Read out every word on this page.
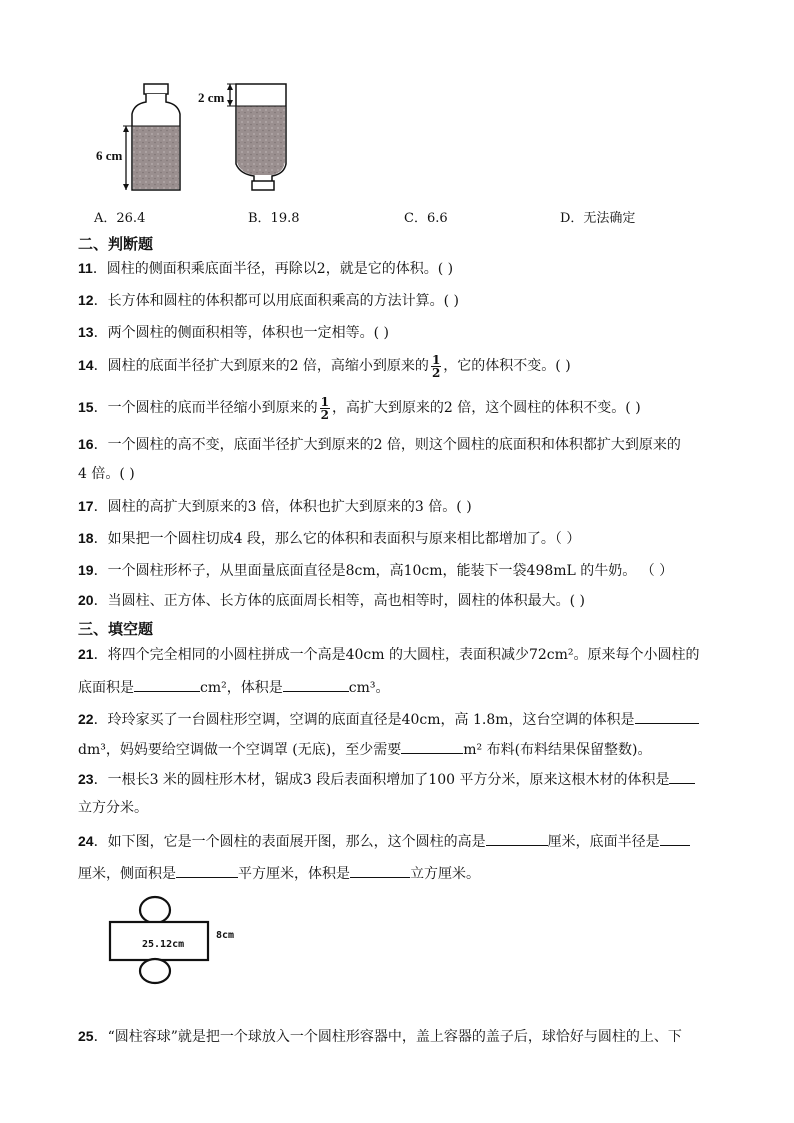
6 cm
2 cm
A．26.4	B．19.8	C．6.6	D．无法确定
二、判断题
11．圆柱的侧面积乘底面半径，再除以2，就是它的体积。( )
12．长方体和圆柱的体积都可以用底面积乘高的方法计算。( )
13．两个圆柱的侧面积相等，体积也一定相等。( )
14．圆柱的底面半径扩大到原来的2 倍，高缩小到原来的 $\frac{1}{2}$ ，它的体积不变。( )
15．一个圆柱的底而半径缩小到原来的 $\frac{1}{2}$ ，高扩大到原来的2 倍，这个圆柱的体积不变。( )
16．一个圆柱的高不变，底面半径扩大到原来的2 倍，则这个圆柱的底面积和体积都扩大到原来的
4 倍。( )
17．圆柱的高扩大到原来的3 倍，体积也扩大到原来的3 倍。( )
18．如果把一个圆柱切成4 段，那么它的体积和表面积与原来相比都增加了。（ ）
19．一个圆柱形杯子，从里面量底面直径是8cm，高10cm，能装下一袋498mL 的牛奶。 （ ）
20．当圆柱、正方体、长方体的底面周长相等，高也相等时，圆柱的体积最大。( )
三、填空题
21．将四个完全相同的小圆柱拼成一个高是40cm 的大圆柱，表面积减少72cm²。原来每个小圆柱的
底面积是	cm²，体积是	cm³。
22．玲玲家买了一台圆柱形空调，空调的底面直径是40cm，高 1.8m，这台空调的体积是
dm³，妈妈要给空调做一个空调罩 (无底)，至少需要	m² 布料(布料结果保留整数)。
23．一根长3 米的圆柱形木材，锯成3 段后表面积增加了100 平方分米，原来这根木材的体积是
立方分米。
24．如下图，它是一个圆柱的表面展开图，那么，这个圆柱的高是	厘米，底面半径是
厘米，侧面积是	平方厘米，体积是	立方厘米。
25.12cm
8cm
25．“圆柱容球”就是把一个球放入一个圆柱形容器中，盖上容器的盖子后，球恰好与圆柱的上、下
